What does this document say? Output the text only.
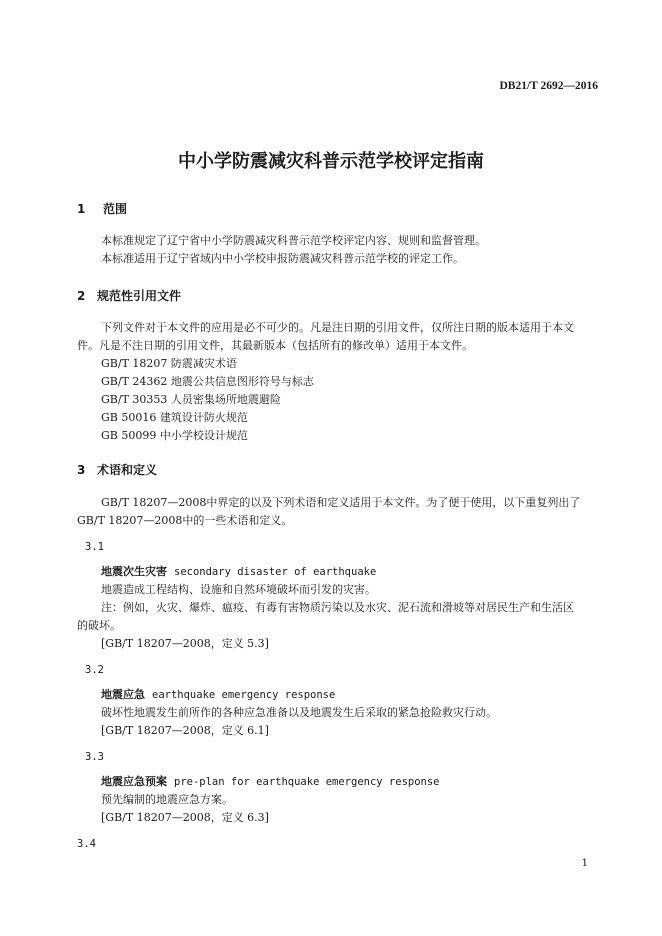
DB21/T 2692—2016
中小学防震减灾科普示范学校评定指南
1 范围
本标准规定了辽宁省中小学防震减灾科普示范学校评定内容、规则和监督管理。
本标准适用于辽宁省域内中小学校申报防震减灾科普示范学校的评定工作。
2 规范性引用文件
下列文件对于本文件的应用是必不可少的。凡是注日期的引用文件，仅所注日期的版本适用于本文
件。凡是不注日期的引用文件，其最新版本（包括所有的修改单）适用于本文件。
GB/T 18207 防震减灾术语
GB/T 24362 地震公共信息图形符号与标志
GB/T 30353 人员密集场所地震避险
GB 50016 建筑设计防火规范
GB 50099 中小学校设计规范
3 术语和定义
GB/T 18207—2008中界定的以及下列术语和定义适用于本文件。为了便于使用，以下重复列出了
GB/T 18207—2008中的一些术语和定义。
3.1
地震次生灾害 secondary disaster of earthquake
地震造成工程结构、设施和自然环境破坏而引发的灾害。
注：例如，火灾、爆炸、瘟疫、有毒有害物质污染以及水灾、泥石流和滑坡等对居民生产和生活区
的破坏。
[GB/T 18207—2008，定义 5.3]
3.2
地震应急 earthquake emergency response
破坏性地震发生前所作的各种应急准备以及地震发生后采取的紧急抢险救灾行动。
[GB/T 18207—2008，定义 6.1]
3.3
地震应急预案 pre-plan for earthquake emergency response
预先编制的地震应急方案。
[GB/T 18207—2008，定义 6.3]
3.4
1
